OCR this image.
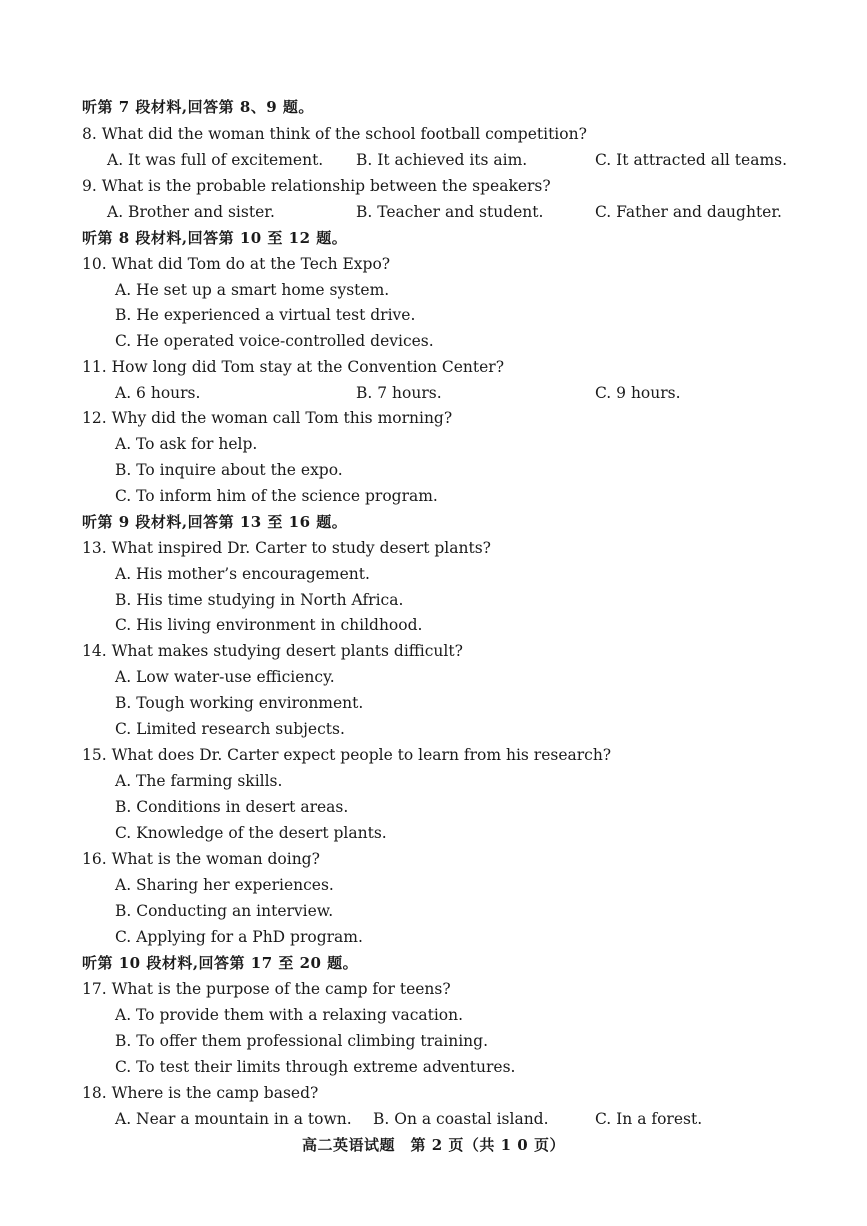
听第 7 段材料,回答第 8、9 题。
8. What did the woman think of the school football competition?
A. It was full of excitement. B. It achieved its aim.	C. It attracted all teams.
9. What is the probable relationship between the speakers?
A. Brother and sister.	B. Teacher and student.	C. Father and daughter.
听第 8 段材料,回答第 10 至 12 题。
10. What did Tom do at the Tech Expo?
A. He set up a smart home system.
B. He experienced a virtual test drive.
C. He operated voice-controlled devices.
11. How long did Tom stay at the Convention Center?
A. 6 hours.	B. 7 hours.	C. 9 hours.
12. Why did the woman call Tom this morning?
A. To ask for help.
B. To inquire about the expo.
C. To inform him of the science program.
听第 9 段材料,回答第 13 至 16 题。
13. What inspired Dr. Carter to study desert plants?
A. His mother’s encouragement.
B. His time studying in North Africa.
C. His living environment in childhood.
14. What makes studying desert plants difficult?
A. Low water-use efficiency.
B. Tough working environment.
C. Limited research subjects.
15. What does Dr. Carter expect people to learn from his research?
A. The farming skills.
B. Conditions in desert areas.
C. Knowledge of the desert plants.
16. What is the woman doing?
A. Sharing her experiences.
B. Conducting an interview.
C. Applying for a PhD program.
听第 10 段材料,回答第 17 至 20 题。
17. What is the purpose of the camp for teens?
A. To provide them with a relaxing vacation.
B. To offer them professional climbing training.
C. To test their limits through extreme adventures.
18. Where is the camp based?
A. Near a mountain in a town. B. On a coastal island.	C. In a forest.
高二英语试题　第 2 页（共 1 0 页）
